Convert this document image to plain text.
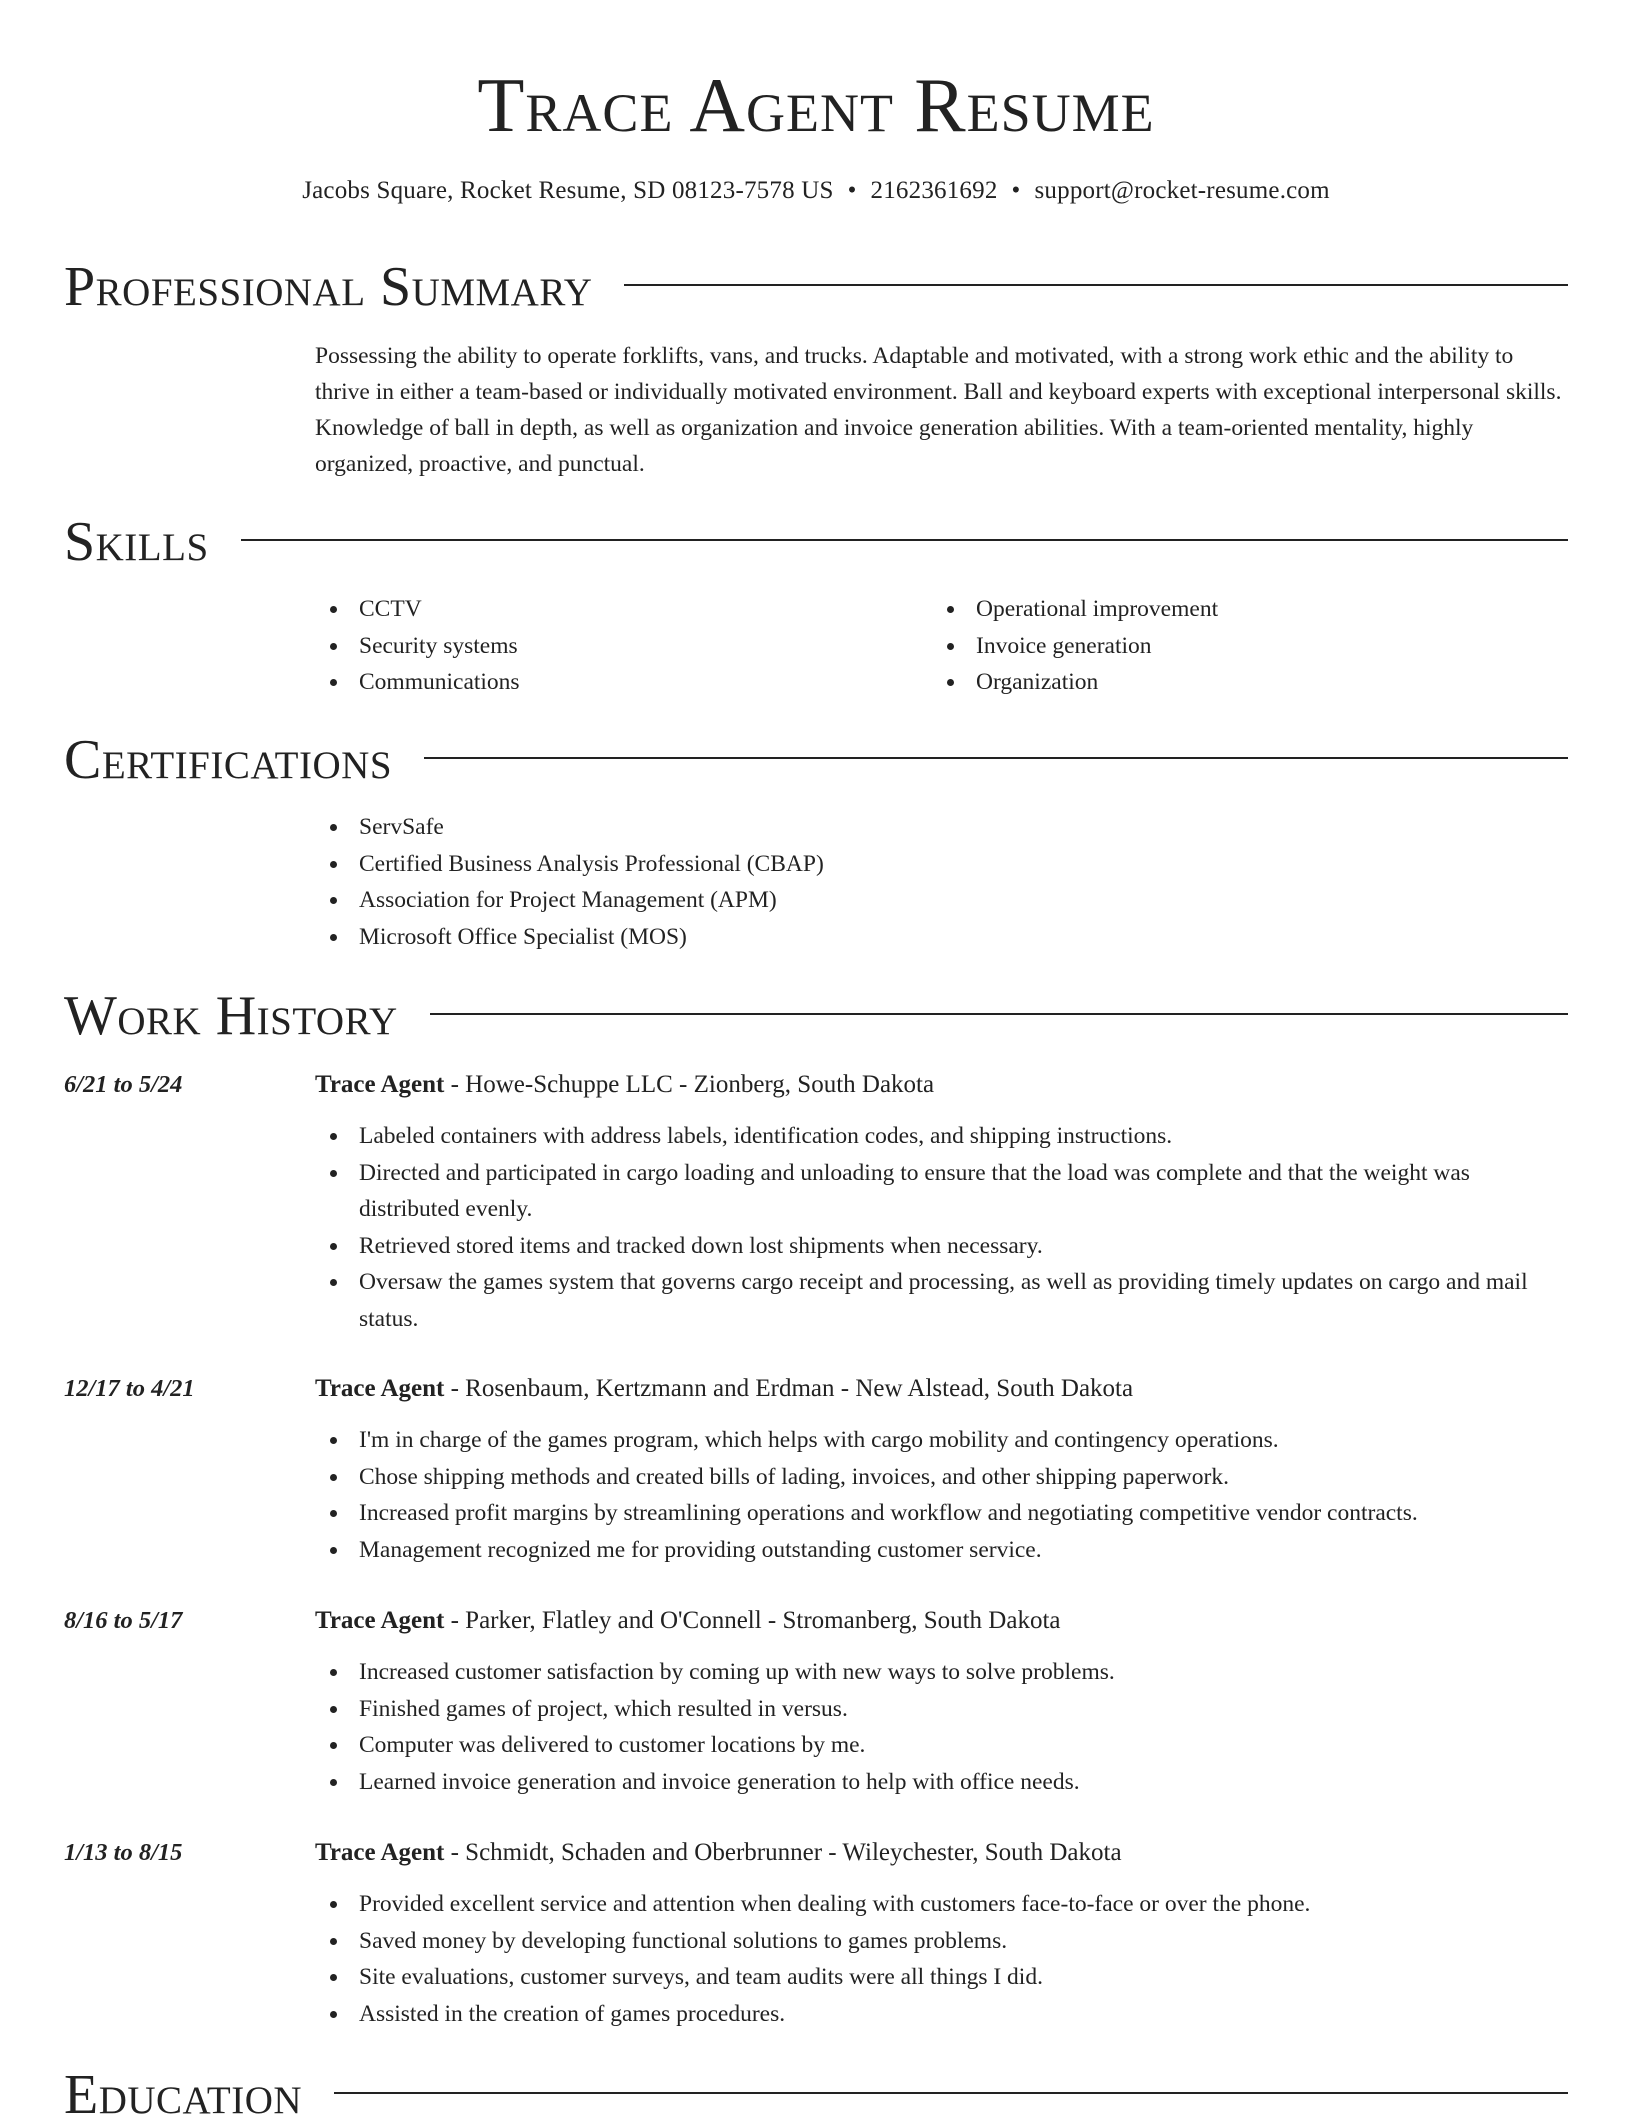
Trace Agent Resume
Jacobs Square, Rocket Resume, SD 08123-7578 US • 2162361692 • support@rocket-resume.com
Professional Summary

Possessing the ability to operate forklifts, vans, and trucks. Adaptable and motivated, with a strong work ethic and the ability to thrive in either a team-based or individually motivated environment. Ball and keyboard experts with exceptional interpersonal skills. Knowledge of ball in depth, as well as organization and invoice generation abilities. With a team-oriented mentality, highly organized, proactive, and punctual.

Skills
CCTV
Security systems
Communications
Operational improvement
Invoice generation
Organization
Certifications
ServSafe
Certified Business Analysis Professional (CBAP)
Association for Project Management (APM)
Microsoft Office Specialist (MOS)
Work History
6/21 to 5/24	Trace Agent - Howe-Schuppe LLC - Zionberg, South Dakota
Labeled containers with address labels, identification codes, and shipping instructions.
Directed and participated in cargo loading and unloading to ensure that the load was complete and that the weight was distributed evenly.
Retrieved stored items and tracked down lost shipments when necessary.
Oversaw the games system that governs cargo receipt and processing, as well as providing timely updates on cargo and mail status.
12/17 to 4/21	Trace Agent - Rosenbaum, Kertzmann and Erdman - New Alstead, South Dakota
I'm in charge of the games program, which helps with cargo mobility and contingency operations.
Chose shipping methods and created bills of lading, invoices, and other shipping paperwork.
Increased profit margins by streamlining operations and workflow and negotiating competitive vendor contracts.
Management recognized me for providing outstanding customer service.
8/16 to 5/17	Trace Agent - Parker, Flatley and O'Connell - Stromanberg, South Dakota
Increased customer satisfaction by coming up with new ways to solve problems.
Finished games of project, which resulted in versus.
Computer was delivered to customer locations by me.
Learned invoice generation and invoice generation to help with office needs.
1/13 to 8/15	Trace Agent - Schmidt, Schaden and Oberbrunner - Wileychester, South Dakota
Provided excellent service and attention when dealing with customers face-to-face or over the phone.
Saved money by developing functional solutions to games problems.
Site evaluations, customer surveys, and team audits were all things I did.
Assisted in the creation of games procedures.
Education
